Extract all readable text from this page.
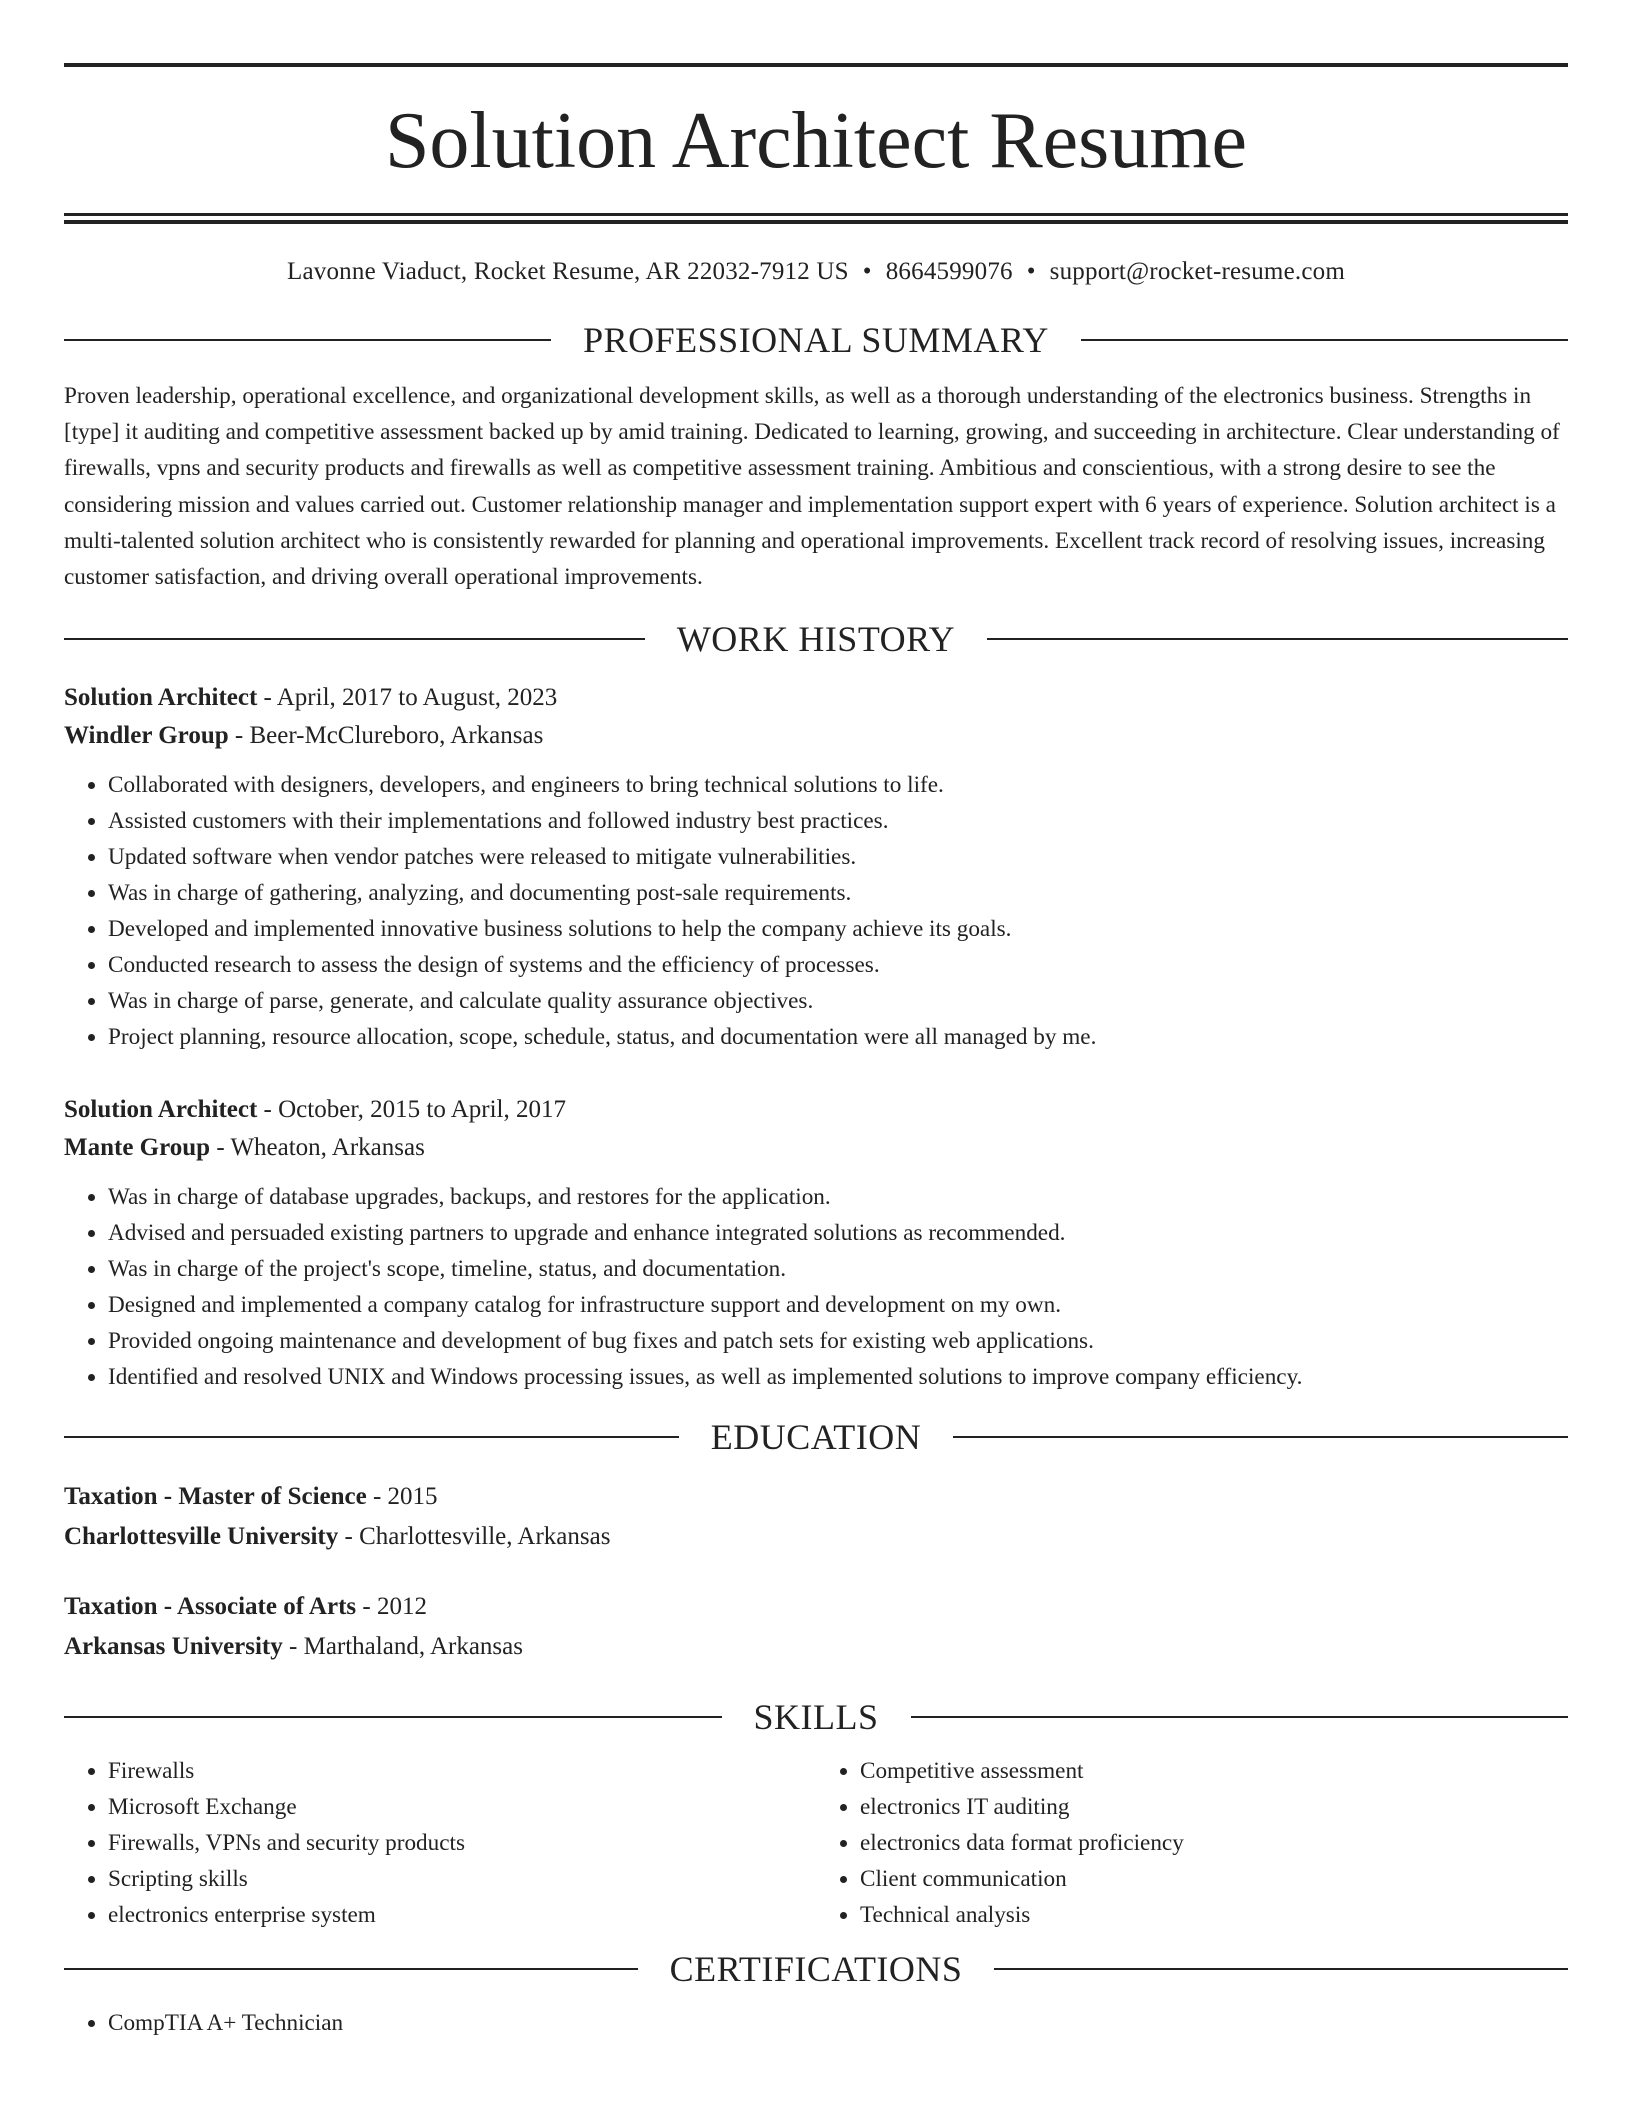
Solution Architect Resume
Lavonne Viaduct, Rocket Resume, AR 22032-7912 US • 8664599076 • support@rocket-resume.com
PROFESSIONAL SUMMARY
Proven leadership, operational excellence, and organizational development skills, as well as a thorough understanding of the electronics business. Strengths in [type] it auditing and competitive assessment backed up by amid training. Dedicated to learning, growing, and succeeding in architecture. Clear understanding of firewalls, vpns and security products and firewalls as well as competitive assessment training. Ambitious and conscientious, with a strong desire to see the considering mission and values carried out. Customer relationship manager and implementation support expert with 6 years of experience. Solution architect is a multi-talented solution architect who is consistently rewarded for planning and operational improvements. Excellent track record of resolving issues, increasing customer satisfaction, and driving overall operational improvements.
WORK HISTORY
Solution Architect - April, 2017 to August, 2023
Windler Group - Beer-McClureboro, Arkansas
• Collaborated with designers, developers, and engineers to bring technical solutions to life.
• Assisted customers with their implementations and followed industry best practices.
• Updated software when vendor patches were released to mitigate vulnerabilities.
• Was in charge of gathering, analyzing, and documenting post-sale requirements.
• Developed and implemented innovative business solutions to help the company achieve its goals.
• Conducted research to assess the design of systems and the efficiency of processes.
• Was in charge of parse, generate, and calculate quality assurance objectives.
• Project planning, resource allocation, scope, schedule, status, and documentation were all managed by me.
Solution Architect - October, 2015 to April, 2017
Mante Group - Wheaton, Arkansas
• Was in charge of database upgrades, backups, and restores for the application.
• Advised and persuaded existing partners to upgrade and enhance integrated solutions as recommended.
• Was in charge of the project's scope, timeline, status, and documentation.
• Designed and implemented a company catalog for infrastructure support and development on my own.
• Provided ongoing maintenance and development of bug fixes and patch sets for existing web applications.
• Identified and resolved UNIX and Windows processing issues, as well as implemented solutions to improve company efficiency.
EDUCATION
Taxation - Master of Science - 2015
Charlottesville University - Charlottesville, Arkansas
Taxation - Associate of Arts - 2012
Arkansas University - Marthaland, Arkansas
SKILLS
• Firewalls
• Microsoft Exchange
• Firewalls, VPNs and security products
• Scripting skills
• electronics enterprise system
• Competitive assessment
• electronics IT auditing
• electronics data format proficiency
• Client communication
• Technical analysis
CERTIFICATIONS
• CompTIA A+ Technician
